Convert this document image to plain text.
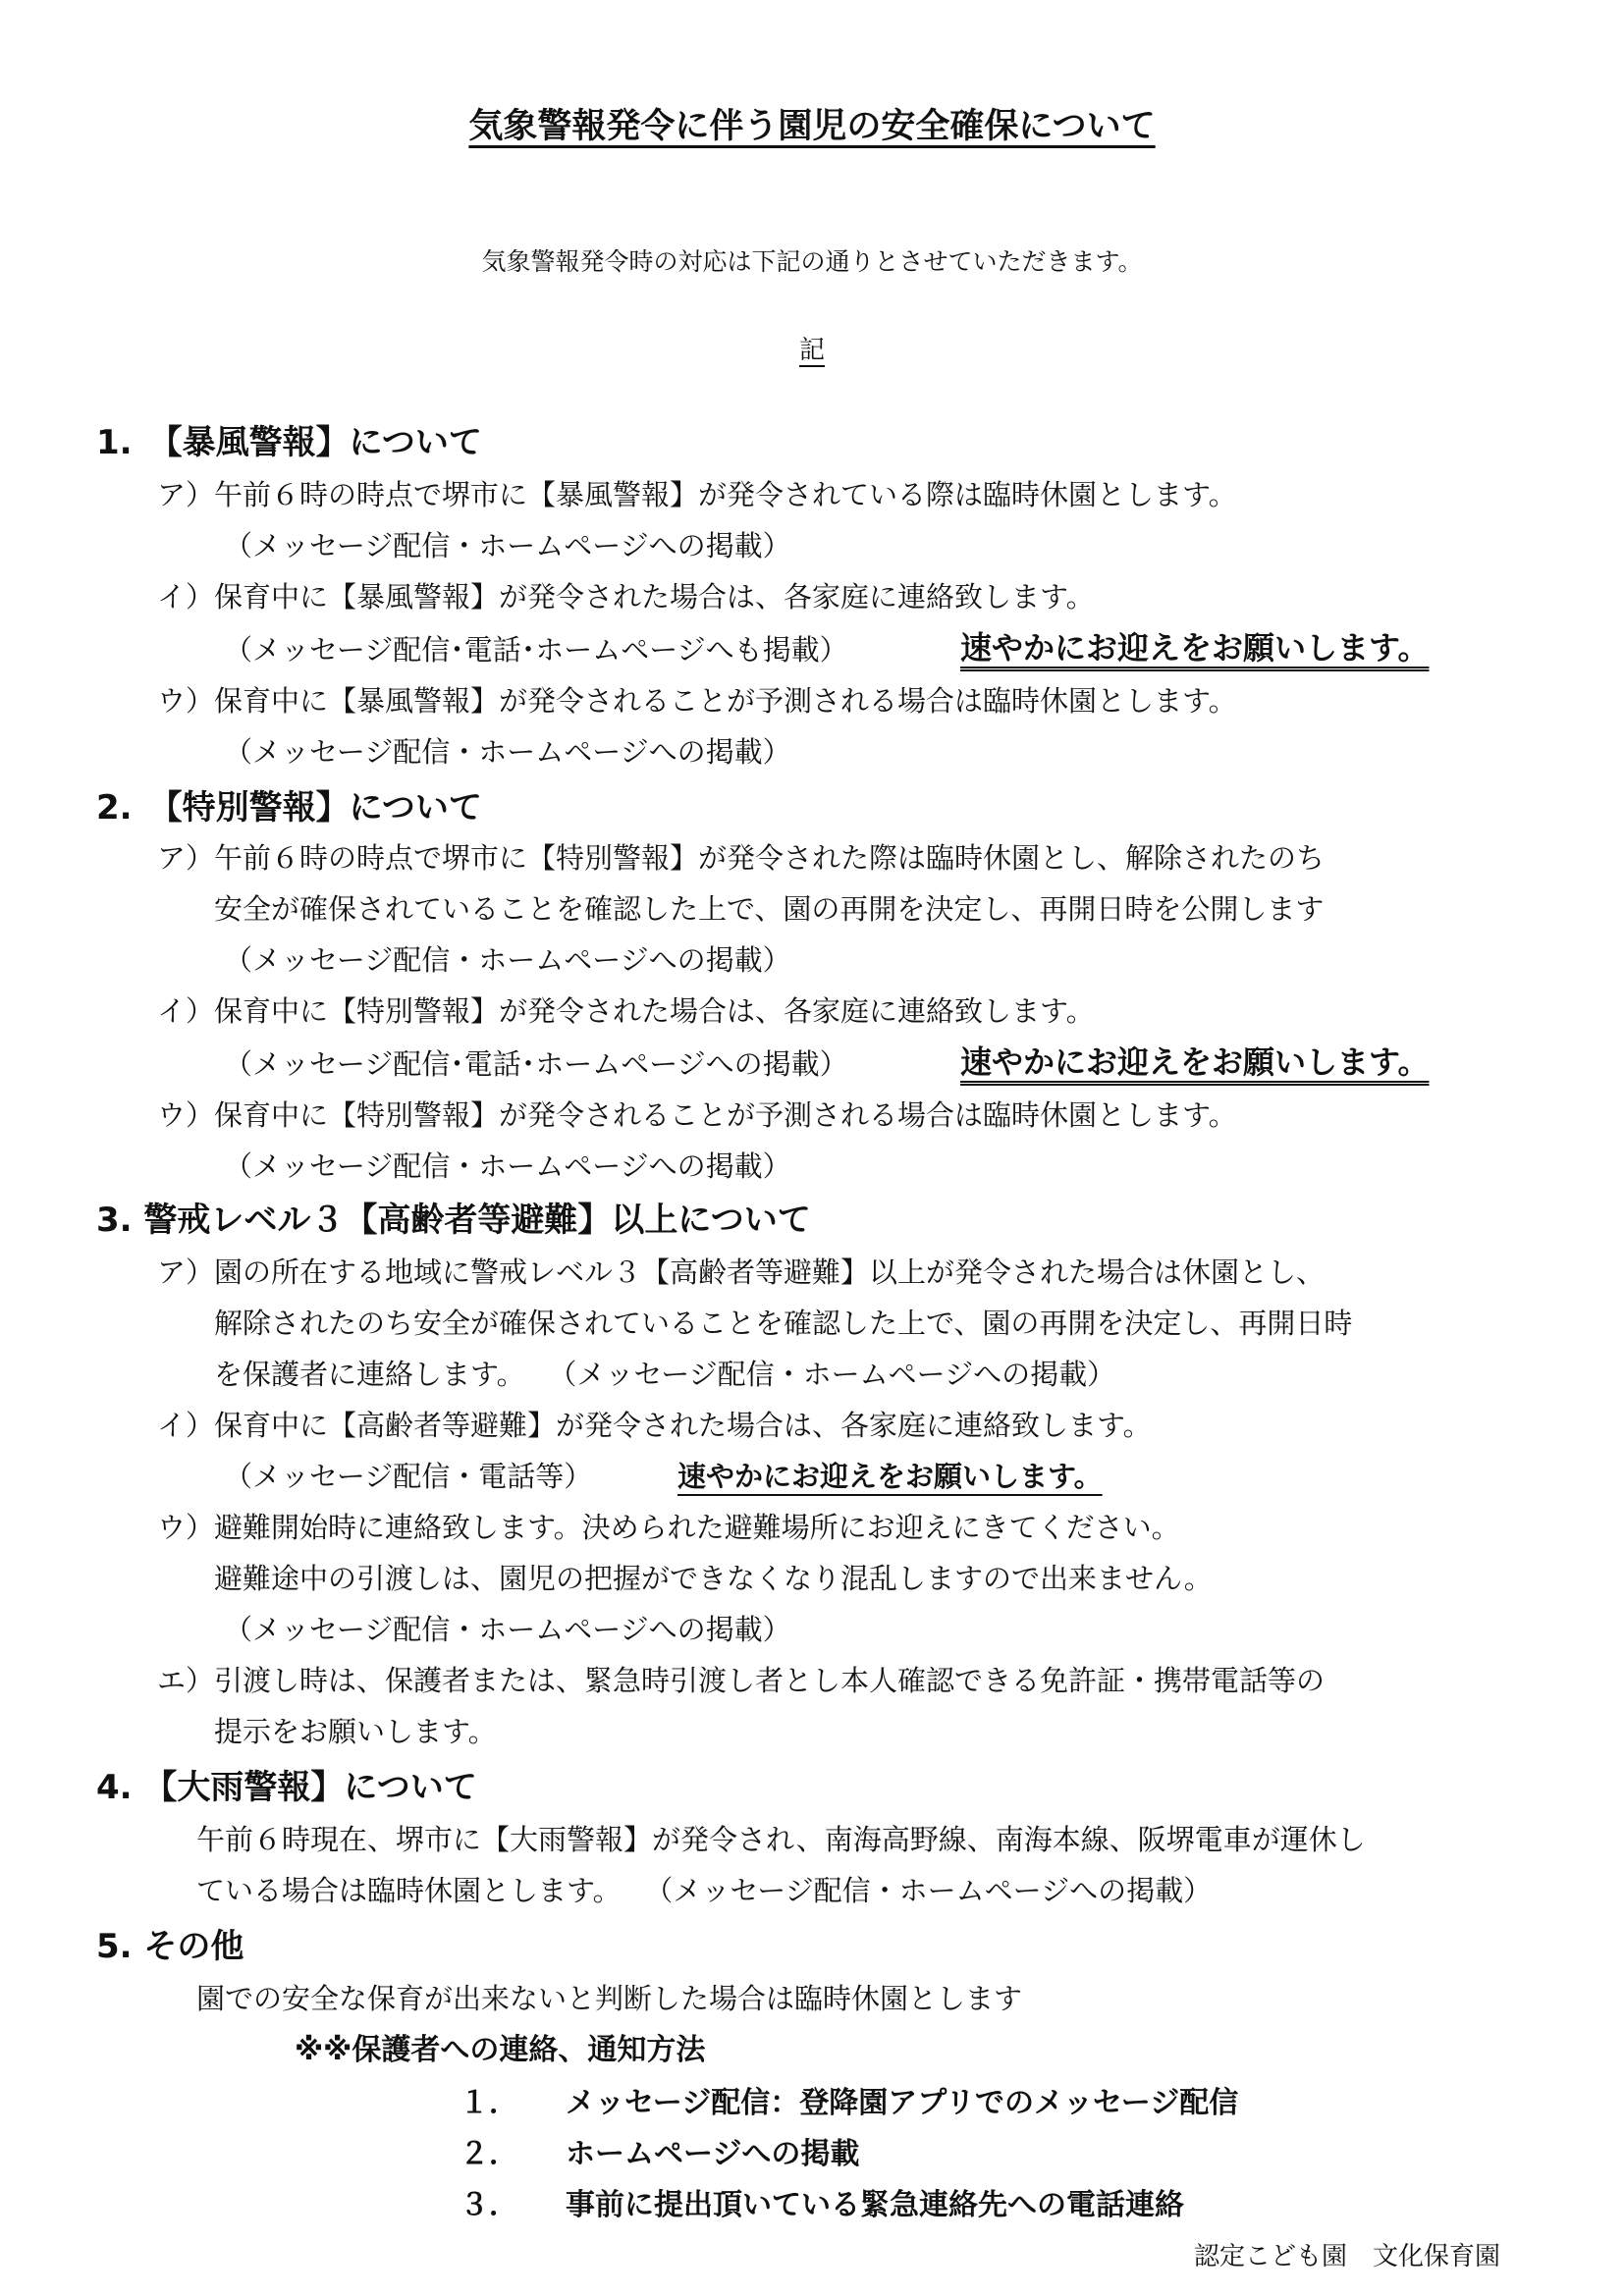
気象警報発令に伴う園児の安全確保について
気象警報発令時の対応は下記の通りとさせていただきます。
記
1.　【暴風警報】について
ア）午前６時の時点で堺市に【暴風警報】が発令されている際は臨時休園とします。
（メッセージ配信・ホームページへの掲載）
イ）保育中に【暴風警報】が発令された場合は、各家庭に連絡致します。
（メッセージ配信･電話･ホームページへも掲載）	速やかにお迎えをお願いします。
ウ）保育中に【暴風警報】が発令されることが予測される場合は臨時休園とします。
（メッセージ配信・ホームページへの掲載）
2.　【特別警報】について
ア）午前６時の時点で堺市に【特別警報】が発令された際は臨時休園とし、解除されたのち
安全が確保されていることを確認した上で、園の再開を決定し、再開日時を公開します
（メッセージ配信・ホームページへの掲載）
イ）保育中に【特別警報】が発令された場合は、各家庭に連絡致します。
（メッセージ配信･電話･ホームページへの掲載）	速やかにお迎えをお願いします。
ウ）保育中に【特別警報】が発令されることが予測される場合は臨時休園とします。
（メッセージ配信・ホームページへの掲載）
3. 警戒レベル３【高齢者等避難】以上について
ア）園の所在する地域に警戒レベル３【高齢者等避難】以上が発令された場合は休園とし、
解除されたのち安全が確保されていることを確認した上で、園の再開を決定し、再開日時
を保護者に連絡します。　 （メッセージ配信・ホームページへの掲載）
イ）保育中に【高齢者等避難】が発令された場合は、各家庭に連絡致します。
（メッセージ配信・電話等）	速やかにお迎えをお願いします。
ウ）避難開始時に連絡致します。決められた避難場所にお迎えにきてください。
避難途中の引渡しは、園児の把握ができなくなり混乱しますので出来ません。
（メッセージ配信・ホームページへの掲載）
エ）引渡し時は、保護者または、緊急時引渡し者とし本人確認できる免許証・携帯電話等の
提示をお願いします。
4. 【大雨警報】について
午前６時現在、堺市に【大雨警報】が発令され、南海高野線、南海本線、阪堺電車が運休し
ている場合は臨時休園とします。　 （メッセージ配信・ホームページへの掲載）
5. その他
園での安全な保育が出来ないと判断した場合は臨時休園とします
※※保護者への連絡、通知方法
１． メッセージ配信：登降園アプリでのメッセージ配信
２． ホームページへの掲載
３． 事前に提出頂いている緊急連絡先への電話連絡
認定こども園　文化保育園
